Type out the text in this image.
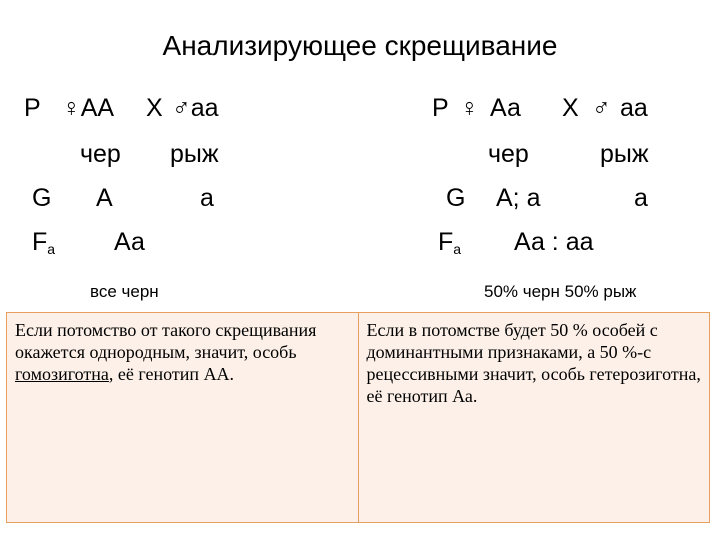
Анализирующее скрещивание
Р ♀АА Х ♂аа
чер рыж
G А	а
$F_а$ Аа
все черн
Р ♀ Аа Х ♂ аа
чер	рыж
G А; а	а
$F_а$ Аа : аа
50% черн 50% рыж
Если потомство от такого скрещивания окажется однородным, значит, особь гомозиготна, её генотип АА.	Если в потомстве будет 50 % особей с доминантными признаками, а 50 %-с рецессивными значит, особь гетерозиготна, её генотип Аа.
